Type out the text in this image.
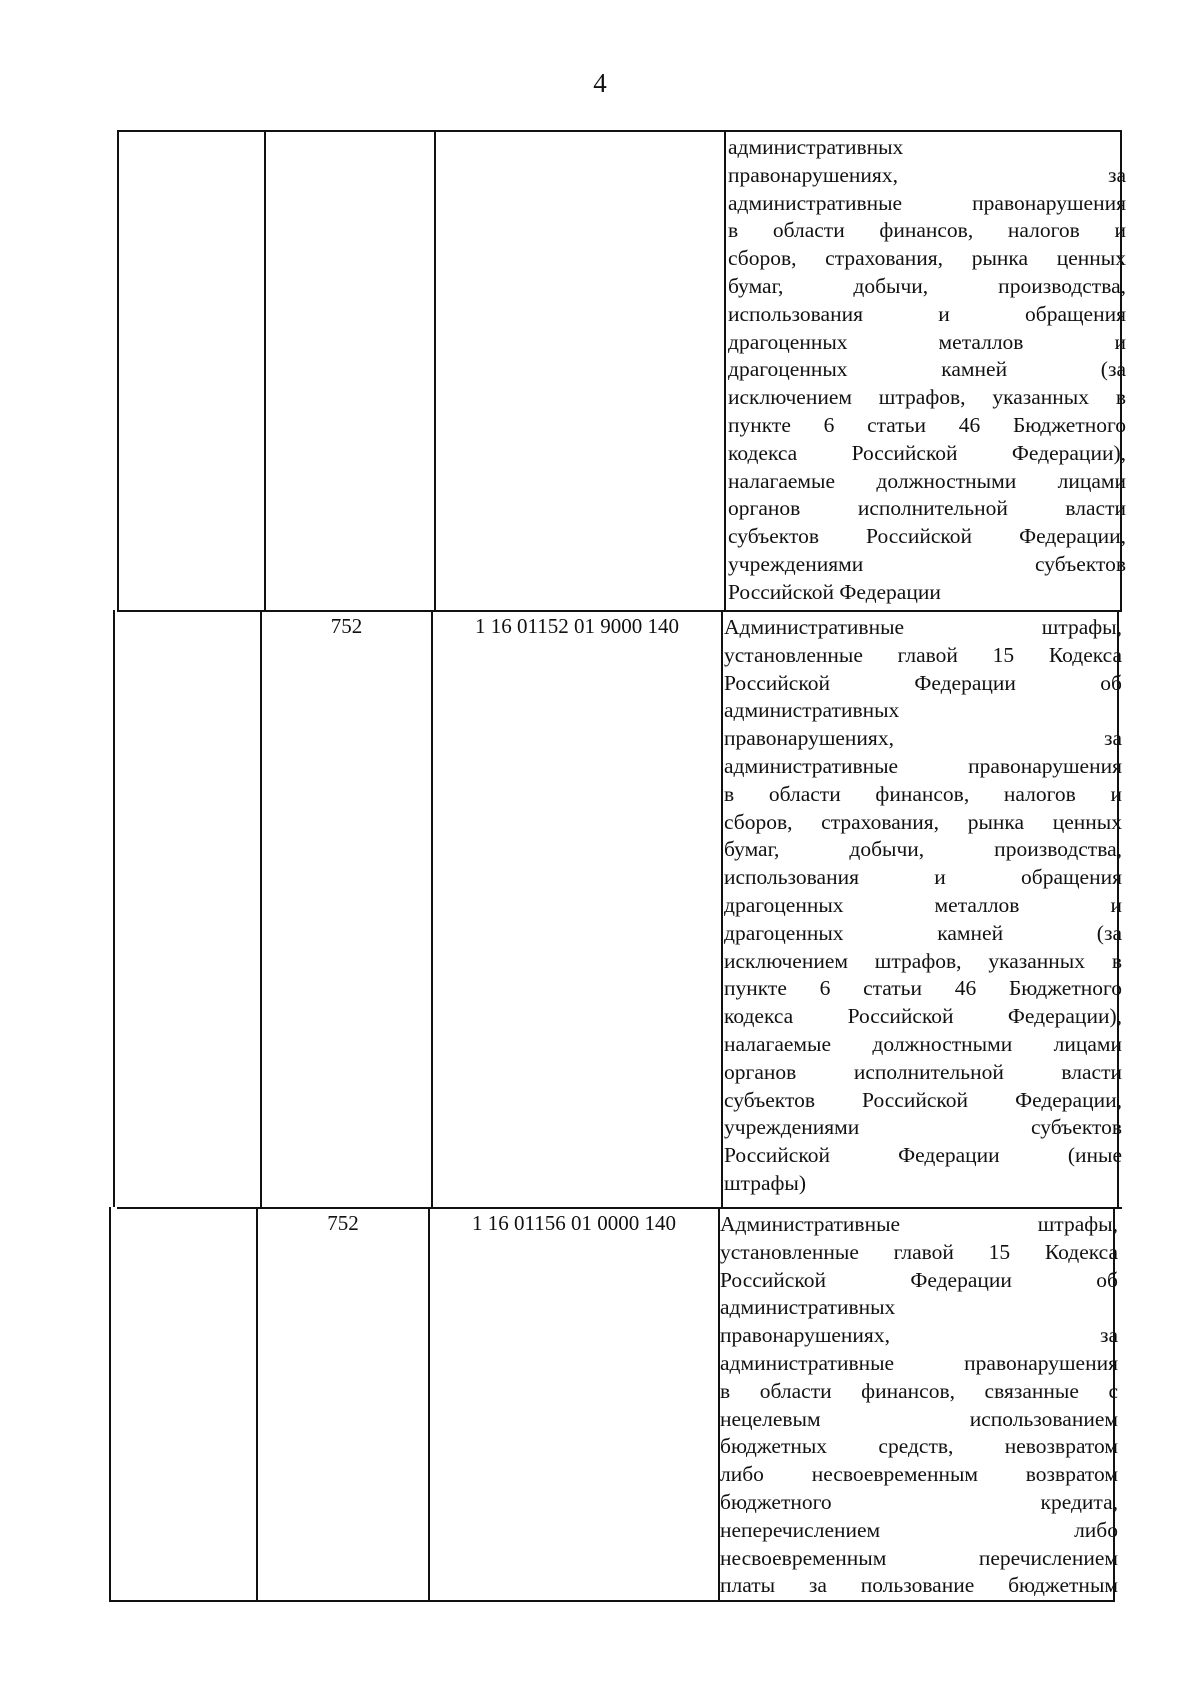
4
административных
правонарушениях, за
административные правонарушения
в области финансов, налогов и
сборов, страхования, рынка ценных
бумаг, добычи, производства,
использования и обращения
драгоценных металлов и
драгоценных камней (за
исключением штрафов, указанных в
пункте 6 статьи 46 Бюджетного
кодекса Российской Федерации),
налагаемые должностными лицами
органов исполнительной власти
субъектов Российской Федерации,
учреждениями субъектов
Российской Федерации
752	1 16 01152 01 9000 140	Административные штрафы,
установленные главой 15 Кодекса
Российской Федерации об
административных
правонарушениях, за
административные правонарушения
в области финансов, налогов и
сборов, страхования, рынка ценных
бумаг, добычи, производства,
использования и обращения
драгоценных металлов и
драгоценных камней (за
исключением штрафов, указанных в
пункте 6 статьи 46 Бюджетного
кодекса Российской Федерации),
налагаемые должностными лицами
органов исполнительной власти
субъектов Российской Федерации,
учреждениями субъектов
Российской Федерации (иные
штрафы)
752	1 16 01156 01 0000 140	Административные штрафы,
установленные главой 15 Кодекса
Российской Федерации об
административных
правонарушениях, за
административные правонарушения
в области финансов, связанные с
нецелевым использованием
бюджетных средств, невозвратом
либо несвоевременным возвратом
бюджетного кредита,
неперечислением либо
несвоевременным перечислением
платы за пользование бюджетным
